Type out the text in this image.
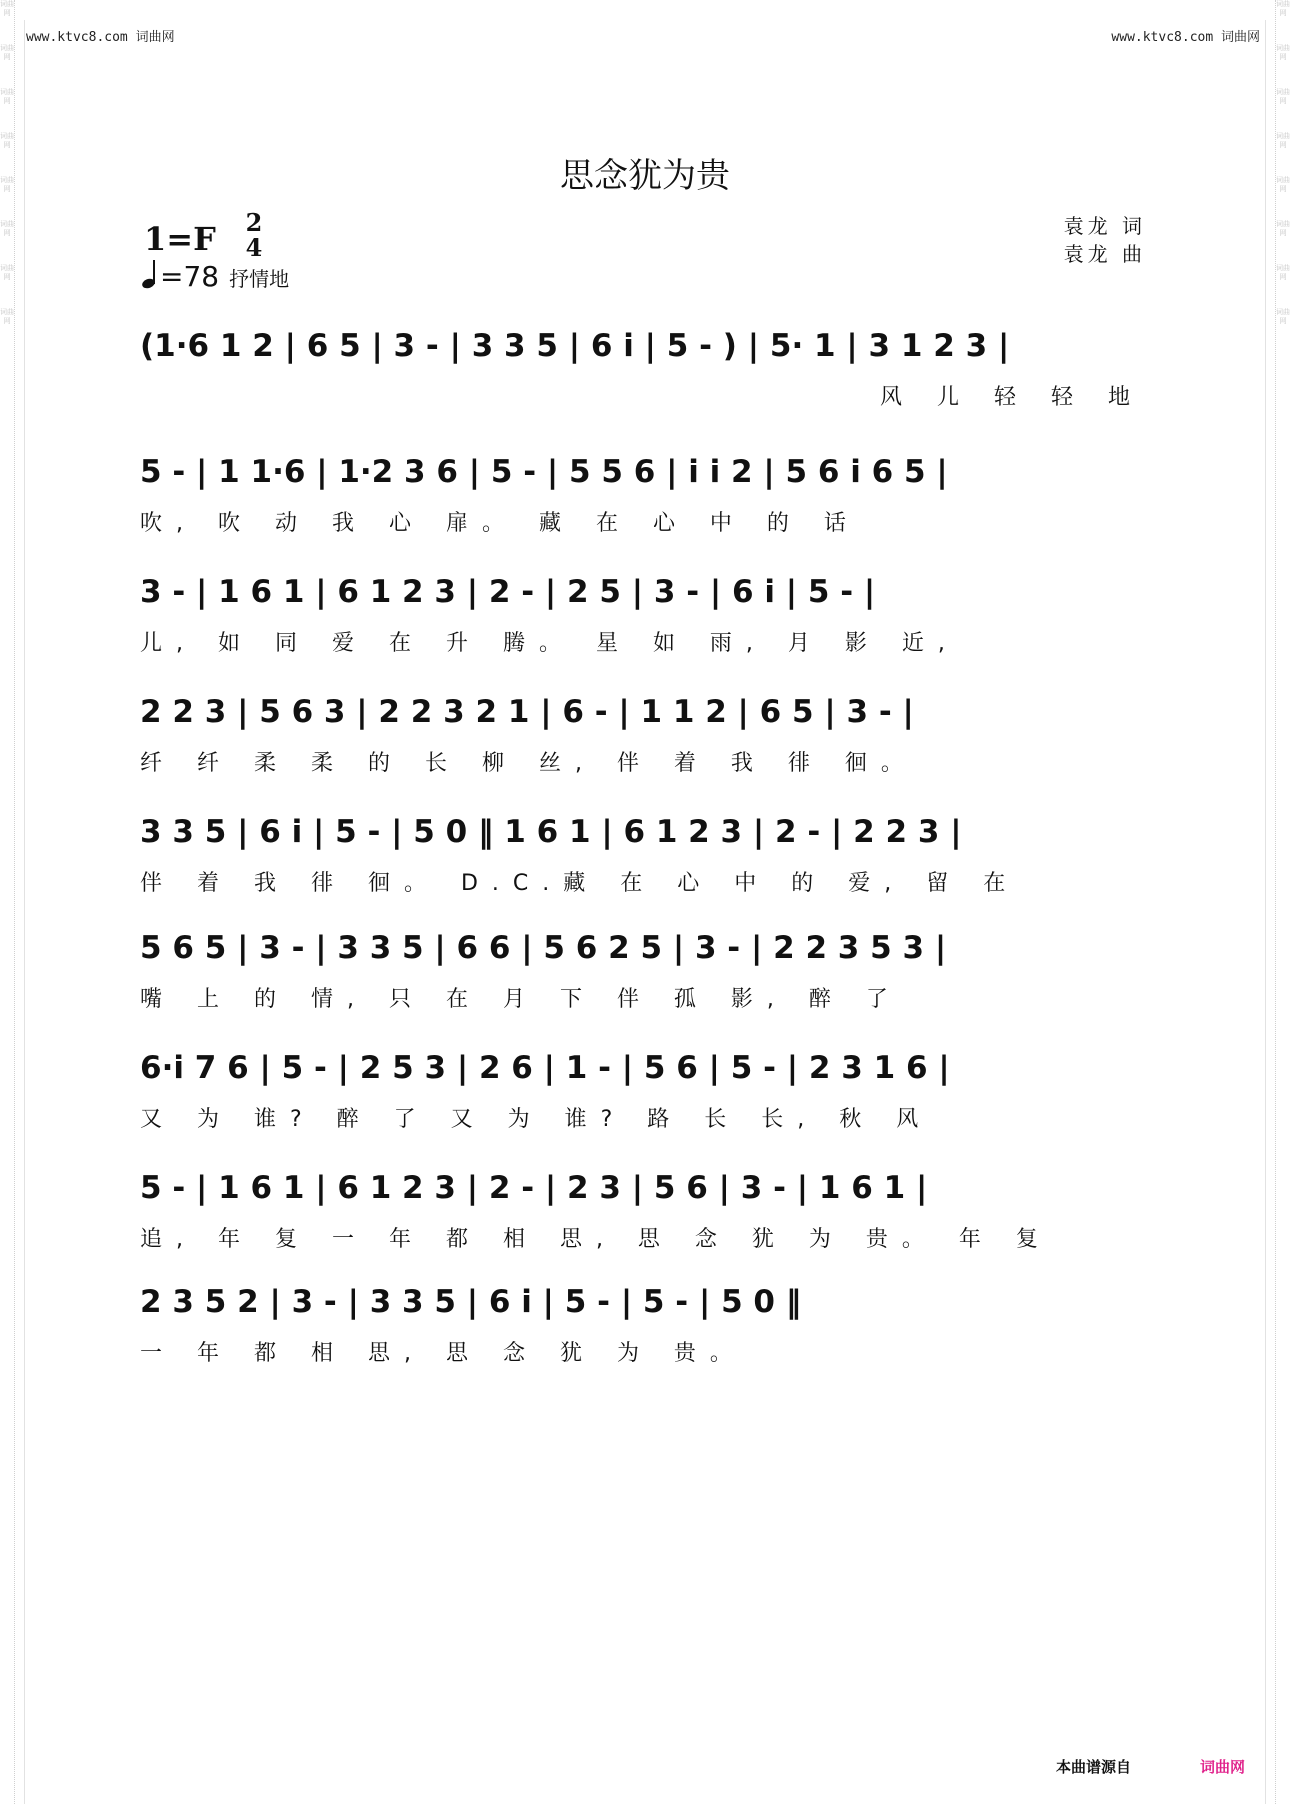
词曲网
词曲网
词曲网
词曲网
词曲网
词曲网
词曲网
词曲网
词曲网
词曲网
词曲网
词曲网
词曲网
词曲网
词曲网
词曲网
www.ktvc8.com 词曲网	www.ktvc8.com 词曲网
思念犹为贵
1=F 2
4
=78 抒情地
袁龙 词
袁龙 曲
(1·6 1 2 | 6 5 | 3 - | 3 3 5 | 6 i | 5 - ) | 5· 1 | 3 1 2 3 |
风 儿 轻 轻 地
5 - | 1 1·6 | 1·2 3 6 | 5 - | 5 5 6 | i i 2 | 5 6 i 6 5 |
吹, 吹 动 我 心 扉。 藏 在 心 中 的 话
3 - | 1 6 1 | 6 1 2 3 | 2 - | 2 5 | 3 - | 6 i | 5 - |
儿, 如 同 爱 在 升 腾。 星 如 雨, 月 影 近,
2 2 3 | 5 6 3 | 2 2 3 2 1 | 6 - | 1 1 2 | 6 5 | 3 - |
纤 纤 柔 柔 的 长 柳 丝, 伴 着 我 徘 徊。
3 3 5 | 6 i | 5 - | 5 0 ‖ 1 6 1 | 6 1 2 3 | 2 - | 2 2 3 |
伴 着 我 徘 徊。 D.C.藏 在 心 中 的 爱, 留 在
5 6 5 | 3 - | 3 3 5 | 6 6 | 5 6 2 5 | 3 - | 2 2 3 5 3 |
嘴 上 的 情, 只 在 月 下 伴 孤 影, 醉 了
6·i 7 6 | 5 - | 2 5 3 | 2 6 | 1 - | 5 6 | 5 - | 2 3 1 6 |
又 为 谁? 醉 了 又 为 谁? 路 长 长, 秋 风
5 - | 1 6 1 | 6 1 2 3 | 2 - | 2 3 | 5 6 | 3 - | 1 6 1 |
追, 年 复 一 年 都 相 思, 思 念 犹 为 贵。 年 复
2 3 5 2 | 3 - | 3 3 5 | 6 i | 5 - | 5 - | 5 0 ‖
一 年 都 相 思, 思 念 犹 为 贵。
本曲谱源自	词曲网
